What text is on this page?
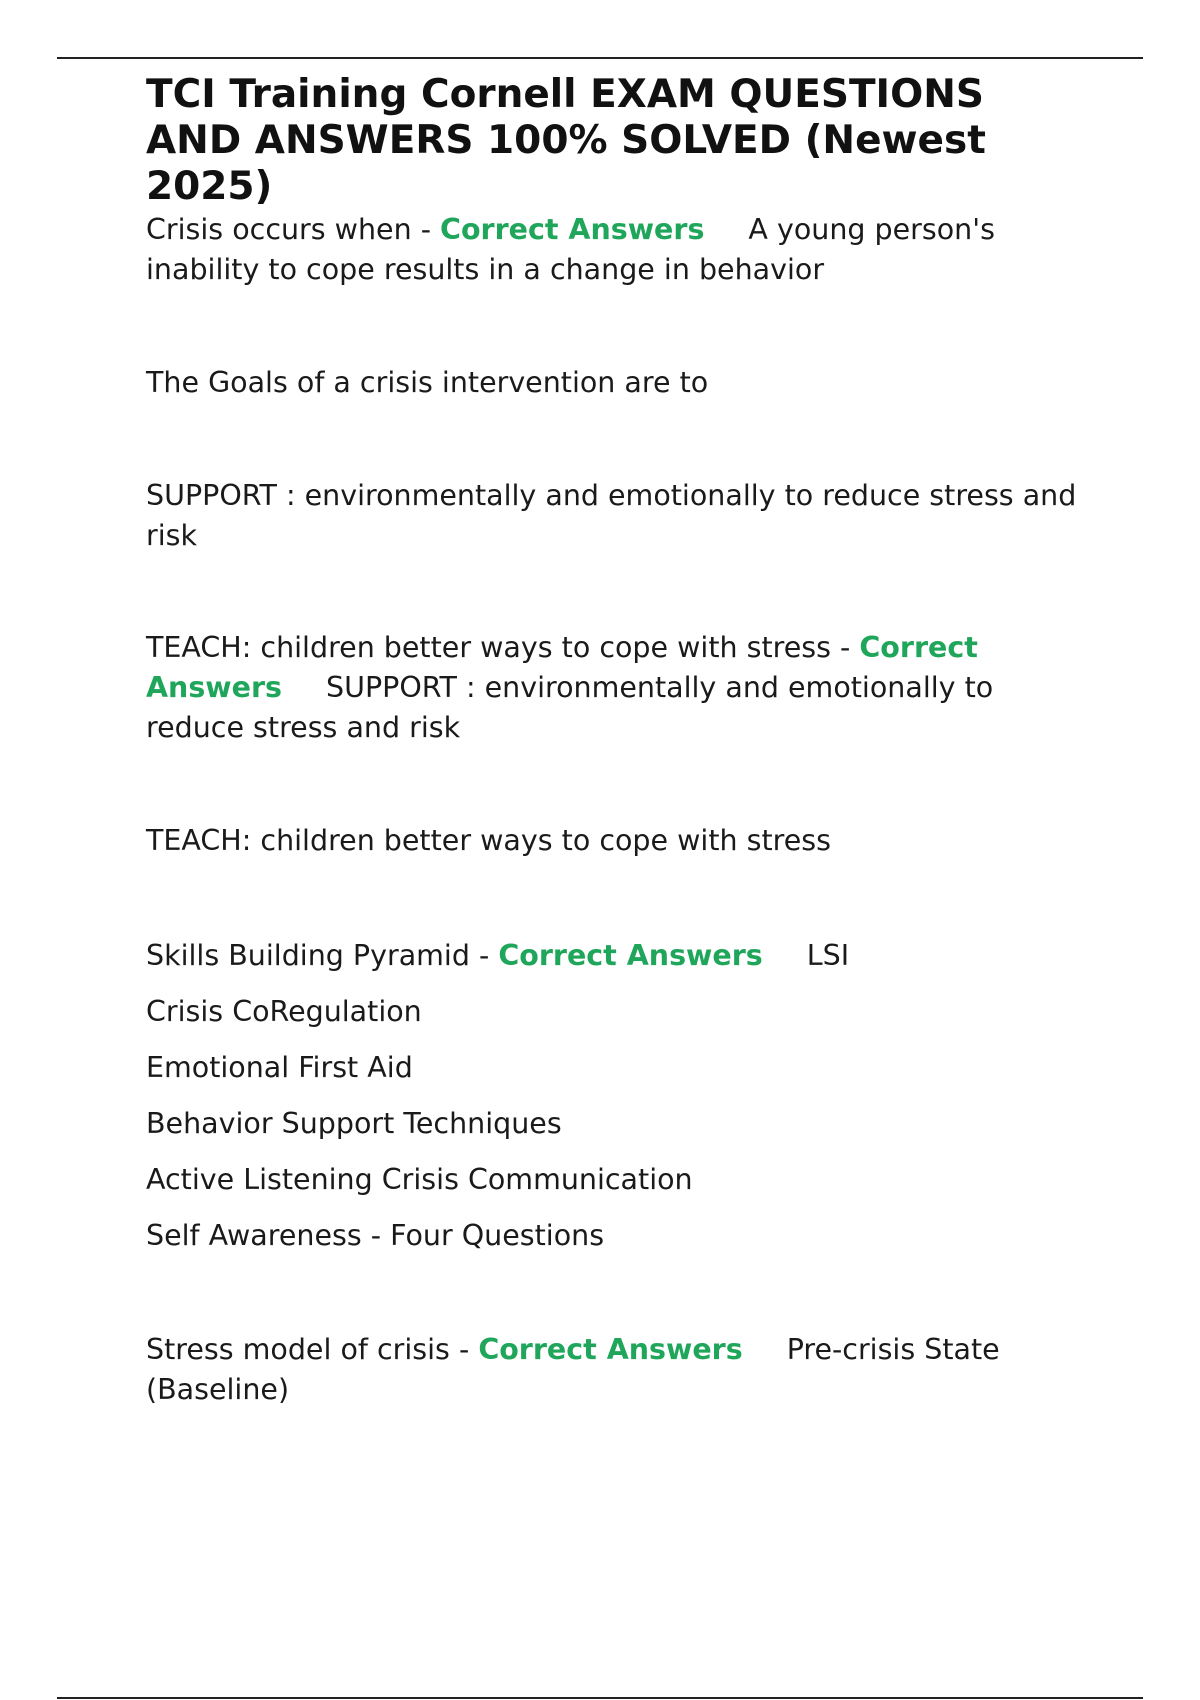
TCI Training Cornell EXAM QUESTIONS AND ANSWERS 100% SOLVED (Newest 2025)

Crisis occurs when - Correct Answers A young person's inability to cope results in a change in behavior

The Goals of a crisis intervention are to

SUPPORT : environmentally and emotionally to reduce stress and risk

TEACH: children better ways to cope with stress - Correct Answers SUPPORT : environmentally and emotionally to reduce stress and risk

TEACH: children better ways to cope with stress

Skills Building Pyramid - Correct Answers LSI

Crisis CoRegulation

Emotional First Aid

Behavior Support Techniques

Active Listening Crisis Communication

Self Awareness - Four Questions

Stress model of crisis - Correct Answers Pre-crisis State (Baseline)
